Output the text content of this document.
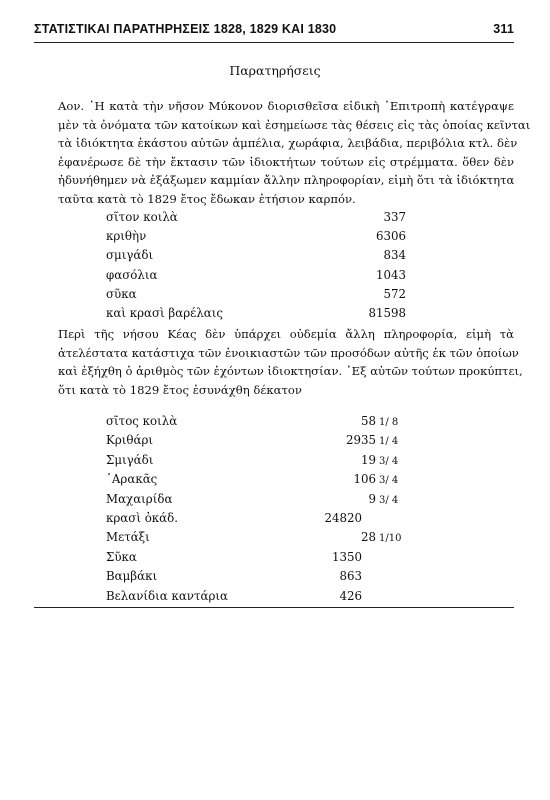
ΣΤΑΤΙΣΤΙΚΑΙ ΠΑΡΑΤΗΡΗΣΕΙΣ 1828, 1829 ΚΑΙ 1830	311
Παρατηρήσεις
Αον. ᾿Η κατὰ τὴν νῆσον Μύκονον διορισθεῖσα εἰδικὴ ᾿Επιτροπὴ κατέγραψε
μὲν τὰ ὀνόματα τῶν κατοίκων καὶ ἐσημείωσε τὰς θέσεις εἰς τὰς ὁποίας κεῖνται
τὰ ἰδιόκτητα ἑκάστου αὐτῶν ἀμπέλια, χωράφια, λειβάδια, περιβόλια κτλ. δὲν
ἐφανέρωσε δὲ τὴν ἔκτασιν τῶν ἰδιοκτήτων τούτων εἰς στρέμματα. ὅθεν δὲν
ἠδυνήθημεν νὰ ἐξάξωμεν καμμίαν ἄλλην πληροφορίαν, εἰμὴ ὅτι τὰ ἰδιόκτητα
ταῦτα κατὰ τὸ 1829 ἔτος ἔδωκαν ἐτήσιον καρπόν.
σῖτον κοιλὰ	337
κριθὴν	6306
σμιγάδι	834
φασόλια	1043
σῦκα	572
καὶ κρασὶ βαρέλαις	81598
Περὶ τῆς νήσου Κέας δὲν ὑπάρχει οὐδεμία ἄλλη πληροφορία, εἰμὴ τὰ
ἀτελέστατα κατάστιχα τῶν ἐνοικιαστῶν τῶν προσόδων αὐτῆς ἐκ τῶν ὁποίων
καὶ ἐξήχθη ὁ ἀριθμὸς τῶν ἐχόντων ἰδιοκτησίαν. ᾿Εξ αὐτῶν τούτων προκύπτει,
ὅτι κατὰ τὸ 1829 ἔτος ἐσυνάχθη δέκατον
σῖτος κοιλὰ	58 1/ 8
Κριθάρι	2935 1/ 4
Σμιγάδι	19 3/ 4
᾿Αρακᾶς	106 3/ 4
Μαχαιρίδα	9 3/ 4
κρασὶ ὀκάδ.	24820
Μετάξι	28 1/10
Σῦκα	1350
Βαμβάκι	863
Βελανίδια καντάρια	426
